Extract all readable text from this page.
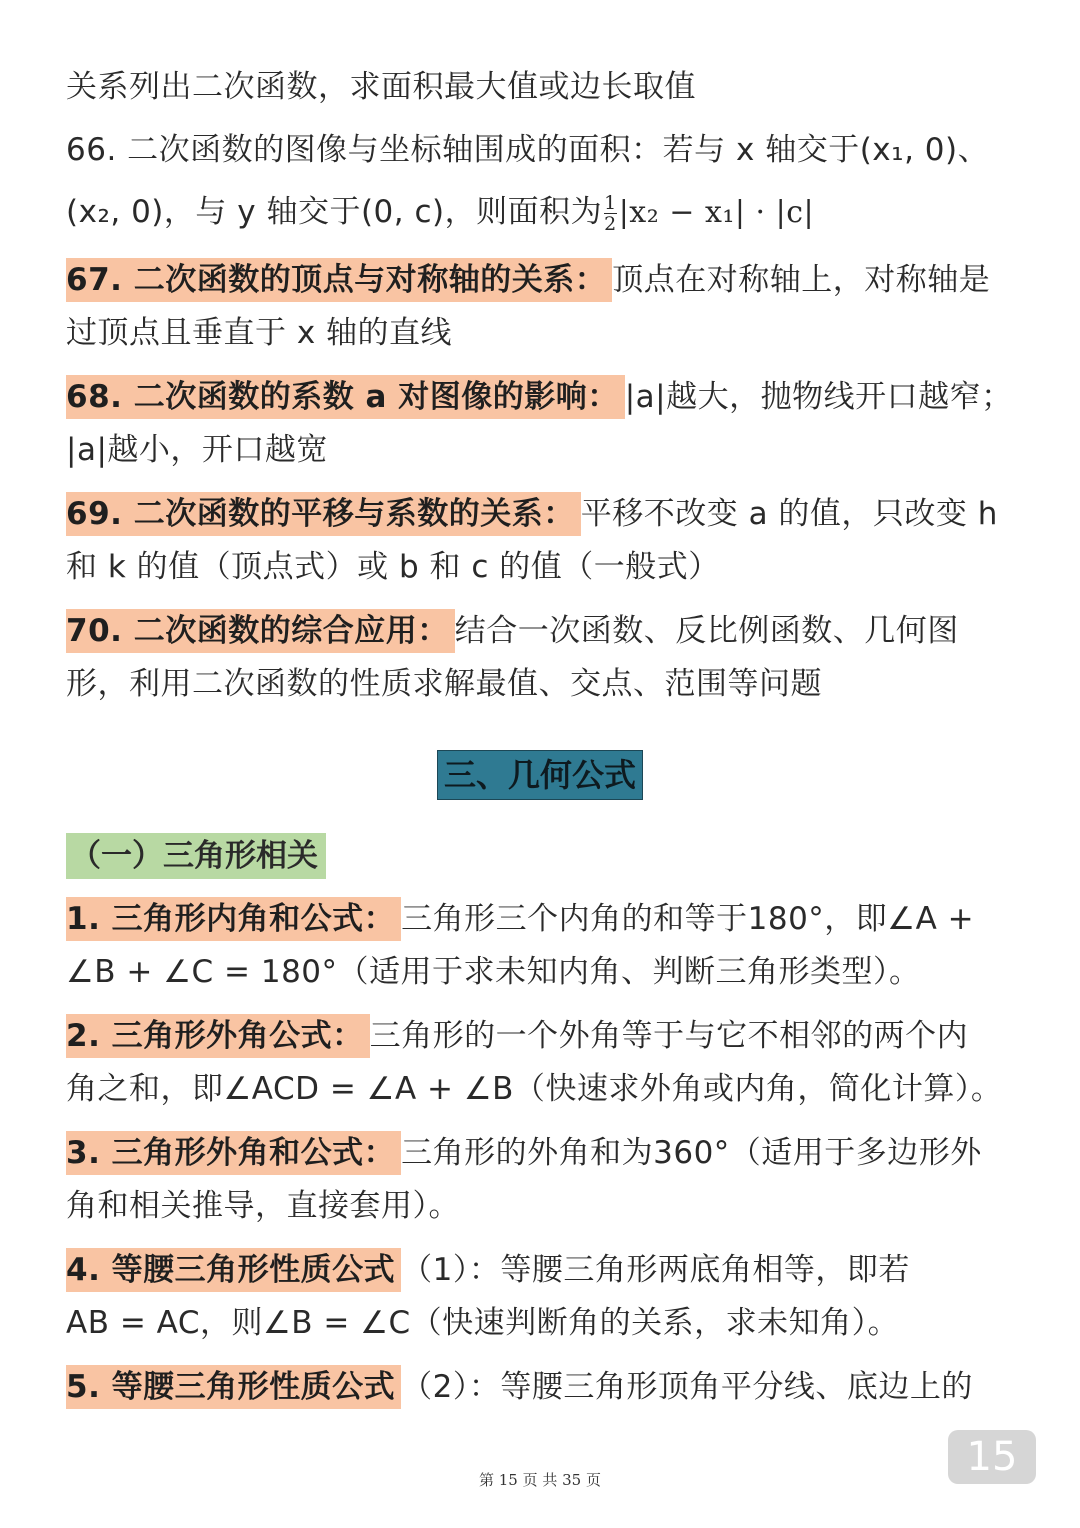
关系列出二次函数，求面积最大值或边长取值
66. 二次函数的图像与坐标轴围成的面积：若与 x 轴交于(x₁, 0)、
(x₂, 0)，与 y 轴交于(0, c)，则面积为 $\frac{1}{2} |x_2 - x_1| \cdot |c|$
67. 二次函数的顶点与对称轴的关系： 顶点在对称轴上，对称轴是
过顶点且垂直于 x 轴的直线
68. 二次函数的系数 a 对图像的影响： |a|越大，抛物线开口越窄；
|a|越小，开口越宽
69. 二次函数的平移与系数的关系： 平移不改变 a 的值，只改变 h
和 k 的值（顶点式）或 b 和 c 的值（一般式）
70. 二次函数的综合应用： 结合一次函数、反比例函数、几何图
形，利用二次函数的性质求解最值、交点、范围等问题
三、几何公式
（一）三角形相关
1. 三角形内角和公式： 三角形三个内角的和等于180°，即∠A +
∠B + ∠C = 180°（适用于求未知内角、判断三角形类型）。
2. 三角形外角公式： 三角形的一个外角等于与它不相邻的两个内
角之和，即∠ACD = ∠A + ∠B（快速求外角或内角，简化计算）。
3. 三角形外角和公式： 三角形的外角和为360°（适用于多边形外
角和相关推导，直接套用）。
4. 等腰三角形性质公式 （1）：等腰三角形两底角相等，即若
AB = AC，则∠B = ∠C（快速判断角的关系，求未知角）。
5. 等腰三角形性质公式 （2）：等腰三角形顶角平分线、底边上的
15
第 15 页 共 35 页
